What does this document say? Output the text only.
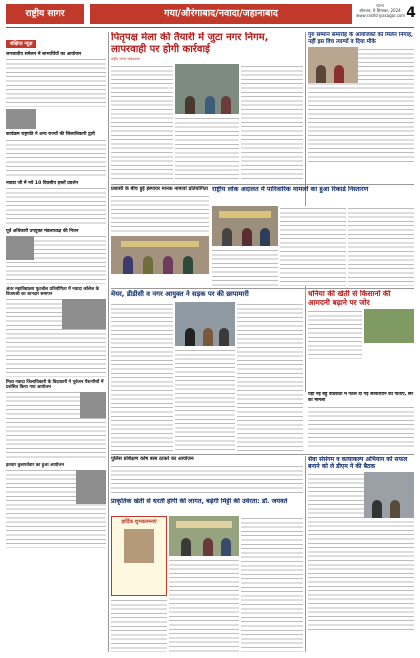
राष्ट्रीय सागर	गया/औरंगाबाद/नवादा/जहानाबाद
पटना
सोमवार, 9 सितम्बर, 2024
www.rashtriyasagar.com 4
संक्षिप्त न्यूज़
जनजातीय समेलन में लाभार्थियों का आयोजन
कार्यक्रम राष्ट्रपति ने अन्य राज्यों की जिलाधिकारी द्वारी
नवाडा जी में नये 10 दिवसीय हस्तों प्रदर्शन
पूर्व अधिकारी उपयुक्त मंडलाध्यक्ष की निधन
अंतर महाविद्यालय फुटबॉल प्रतियोगिता में नवादा कॉलेज के विजयश्री का शानदार समापन
मिला नवादा जिलाधिकारी के विदाकारी ने पूर्वजन पेंशनरियों में प्रशंसित किया गया आयोजन
इतवार कुलपर्ववार का हुआ आयोजन
पितृपक्ष मेला की तैयारी में जुटा नगर निगम, लापरवाही पर होगी कार्रवाई
राष्ट्रीय सागर संवाददाता
गुरु सम्मान समारोह के आयोजकों को मिलेन निगाह, नहीं इस विच त्याग्यों व दिया मौके
प्रशासी के बीच हुई इंस्पायर मानक नामावां प्रतियोगिता राष्ट्रीय लोक अदालत में पारिवारिक मामलों का हुआ रिकार्ड निस्तारण
मेयर, डीडीसी व नगर आयुक्त ने सड़क पर की छापामारी	धनिया की खेती से किसानों की आमदनी बढ़ाने पर जोर
यहाँ नई बहु वैदिकता में गठल दी गई सरकारीनि की पाताऐं, छर का मामला
पुलिस प्रशिक्षण कोष बास ठाकरे का आयोजन
प्राकृतिक खेती से धरती होगी की लागत, बढ़ेगी मिट्टी की उर्वरता: डॉ. जयवर्त
हार्दिक शुभकामनाएं
सेवा संसंगम व कायाकल्प अभियान को सफल बनाने को ले डीएम ने की बैठक
